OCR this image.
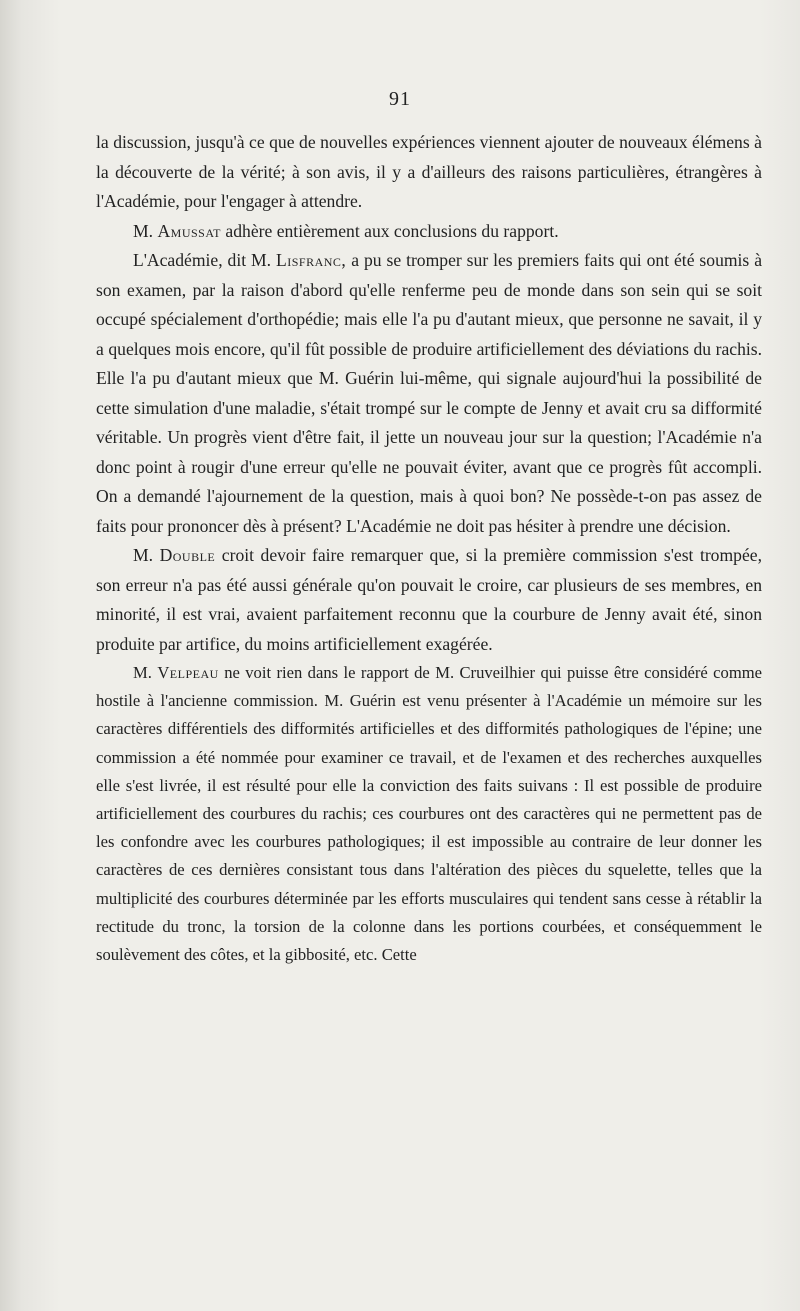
91

la discussion, jusqu'à ce que de nouvelles expériences viennent ajouter de nouveaux élémens à la découverte de la vérité; à son avis, il y a d'ailleurs des raisons particulières, étrangères à l'Académie, pour l'engager à attendre.

M. Amussat adhère entièrement aux conclusions du rapport.

L'Académie, dit M. Lisfranc, a pu se tromper sur les premiers faits qui ont été soumis à son examen, par la raison d'abord qu'elle renferme peu de monde dans son sein qui se soit occupé spécialement d'orthopédie; mais elle l'a pu d'autant mieux, que personne ne savait, il y a quelques mois encore, qu'il fût possible de produire artificiellement des déviations du rachis. Elle l'a pu d'autant mieux que M. Guérin lui-même, qui signale aujourd'hui la possibilité de cette simulation d'une maladie, s'était trompé sur le compte de Jenny et avait cru sa difformité véritable. Un progrès vient d'être fait, il jette un nouveau jour sur la question; l'Académie n'a donc point à rougir d'une erreur qu'elle ne pouvait éviter, avant que ce progrès fût accompli. On a demandé l'ajournement de la question, mais à quoi bon? Ne possède-t-on pas assez de faits pour prononcer dès à présent? L'Académie ne doit pas hésiter à prendre une décision.

M. Double croit devoir faire remarquer que, si la première commission s'est trompée, son erreur n'a pas été aussi générale qu'on pouvait le croire, car plusieurs de ses membres, en minorité, il est vrai, avaient parfaitement reconnu que la courbure de Jenny avait été, sinon produite par artifice, du moins artificiellement exagérée.

M. Velpeau ne voit rien dans le rapport de M. Cruveilhier qui puisse être considéré comme hostile à l'ancienne commission. M. Guérin est venu présenter à l'Académie un mémoire sur les caractères différentiels des difformités artificielles et des difformités pathologiques de l'épine; une commission a été nommée pour examiner ce travail, et de l'examen et des recherches auxquelles elle s'est livrée, il est résulté pour elle la conviction des faits suivans : Il est possible de produire artificiellement des courbures du rachis; ces courbures ont des caractères qui ne permettent pas de les confondre avec les courbures pathologiques; il est impossible au contraire de leur donner les caractères de ces dernières consistant tous dans l'altération des pièces du squelette, telles que la multiplicité des courbures déterminée par les efforts musculaires qui tendent sans cesse à rétablir la rectitude du tronc, la torsion de la colonne dans les portions courbées, et conséquemment le soulèvement des côtes, et la gibbosité, etc. Cette
